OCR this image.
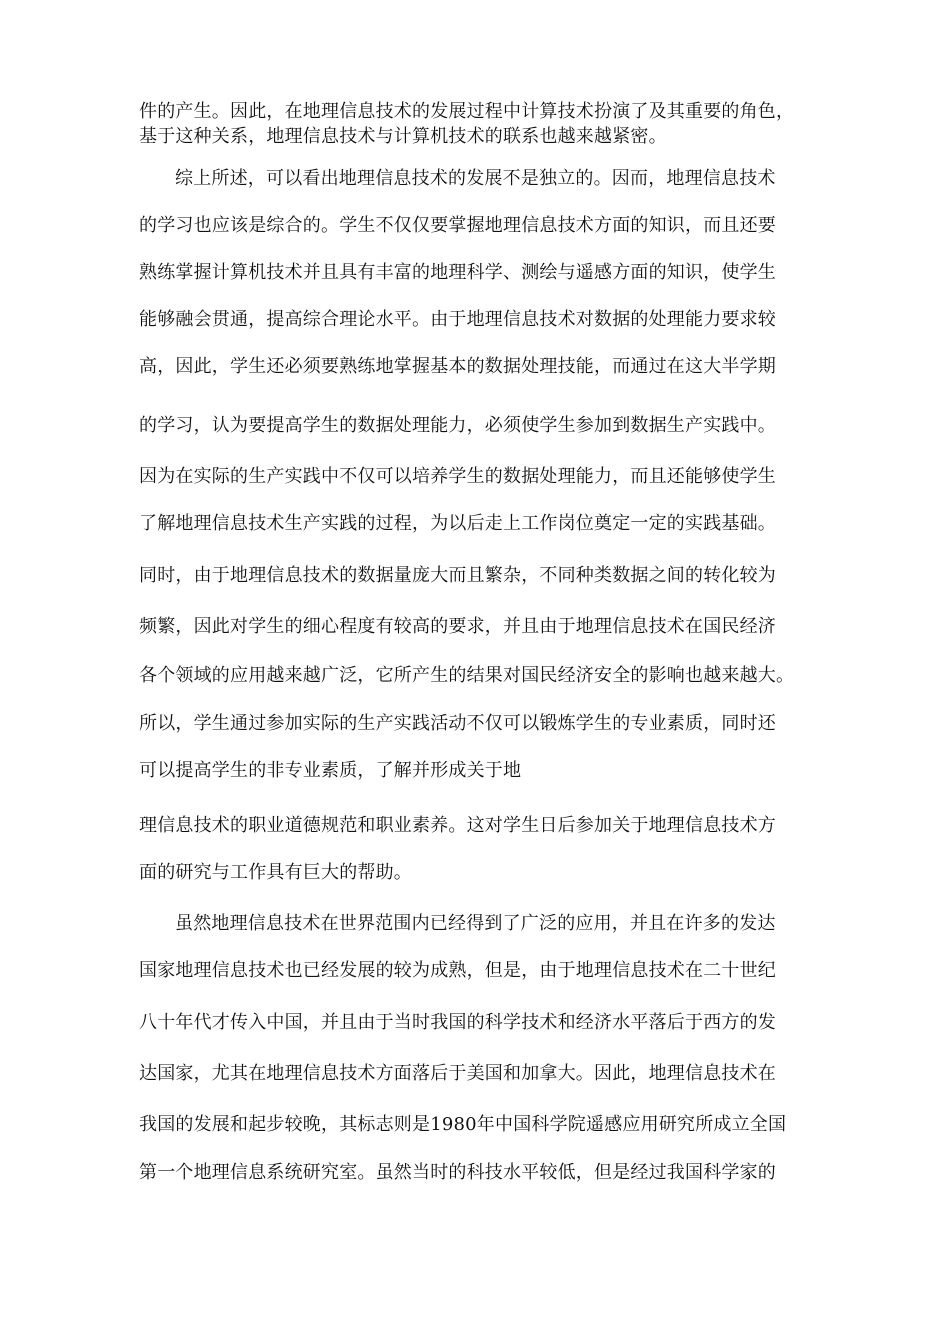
件的产生。因此，在地理信息技术的发展过程中计算技术扮演了及其重要的角色，
基于这种关系，地理信息技术与计算机技术的联系也越来越紧密。
综上所述，可以看出地理信息技术的发展不是独立的。因而，地理信息技术
的学习也应该是综合的。学生不仅仅要掌握地理信息技术方面的知识，而且还要
熟练掌握计算机技术并且具有丰富的地理科学、测绘与遥感方面的知识，使学生
能够融会贯通，提高综合理论水平。由于地理信息技术对数据的处理能力要求较
高，因此，学生还必须要熟练地掌握基本的数据处理技能，而通过在这大半学期
的学习，认为要提高学生的数据处理能力，必须使学生参加到数据生产实践中。
因为在实际的生产实践中不仅可以培养学生的数据处理能力，而且还能够使学生
了解地理信息技术生产实践的过程，为以后走上工作岗位奠定一定的实践基础。
同时，由于地理信息技术的数据量庞大而且繁杂，不同种类数据之间的转化较为
频繁，因此对学生的细心程度有较高的要求，并且由于地理信息技术在国民经济
各个领域的应用越来越广泛，它所产生的结果对国民经济安全的影响也越来越大。
所以，学生通过参加实际的生产实践活动不仅可以锻炼学生的专业素质，同时还
可以提高学生的非专业素质，了解并形成关于地
理信息技术的职业道德规范和职业素养。这对学生日后参加关于地理信息技术方
面的研究与工作具有巨大的帮助。
虽然地理信息技术在世界范围内已经得到了广泛的应用，并且在许多的发达
国家地理信息技术也已经发展的较为成熟，但是，由于地理信息技术在二十世纪
八十年代才传入中国，并且由于当时我国的科学技术和经济水平落后于西方的发
达国家，尤其在地理信息技术方面落后于美国和加拿大。因此，地理信息技术在
我国的发展和起步较晚，其标志则是1980年中国科学院遥感应用研究所成立全国
第一个地理信息系统研究室。虽然当时的科技水平较低，但是经过我国科学家的
